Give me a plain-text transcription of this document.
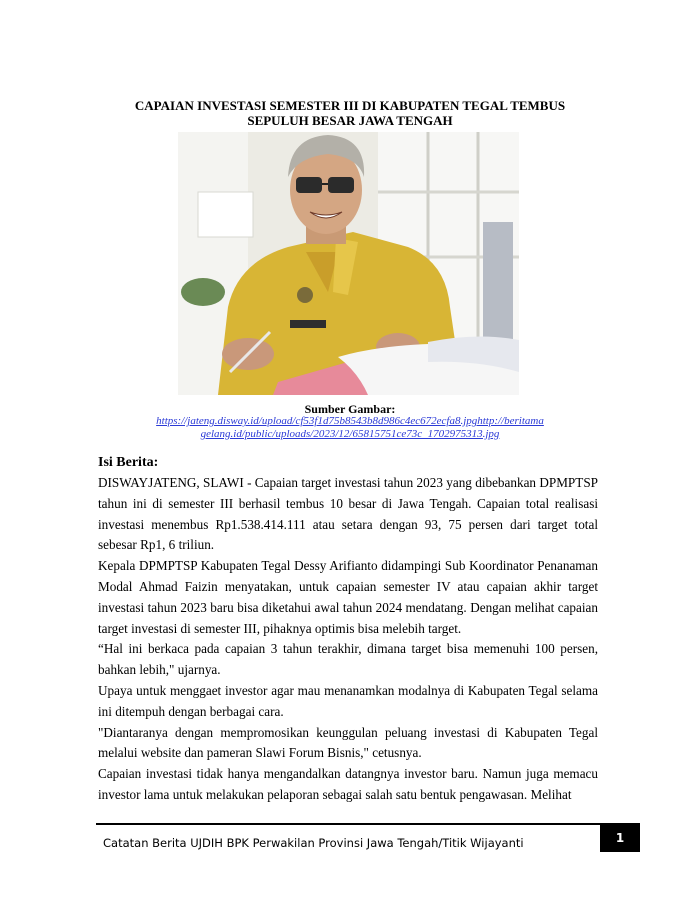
CAPAIAN INVESTASI SEMESTER III DI KABUPATEN TEGAL TEMBUS
SEPULUH BESAR JAWA TENGAH
Sumber Gambar:
https://jateng.disway.id/upload/cf53f1d75b8543b8d986c4ec672ecfa8.jpghttp://beritama
gelang.id/public/uploads/2023/12/65815751ce73c_1702975313.jpg
Isi Berita:

DISWAYJATENG, SLAWI - Capaian target investasi tahun 2023 yang dibebankan DPMPTSP tahun ini di semester III berhasil tembus 10 besar di Jawa Tengah. Capaian total realisasi investasi menembus Rp1.538.414.111 atau setara dengan 93, 75 persen dari target total sebesar Rp1, 6 triliun.

Kepala DPMPTSP Kabupaten Tegal Dessy Arifianto didampingi Sub Koordinator Penanaman Modal Ahmad Faizin menyatakan, untuk capaian semester IV atau capaian akhir target investasi tahun 2023 baru bisa diketahui awal tahun 2024 mendatang. Dengan melihat capaian target investasi di semester III, pihaknya optimis bisa melebih target.

“Hal ini berkaca pada capaian 3 tahun terakhir, dimana target bisa memenuhi 100 persen, bahkan lebih," ujarnya.

Upaya untuk menggaet investor agar mau menanamkan modalnya di Kabupaten Tegal selama ini ditempuh dengan berbagai cara.

"Diantaranya dengan mempromosikan keunggulan peluang investasi di Kabupaten Tegal melalui website dan pameran Slawi Forum Bisnis," cetusnya.

Capaian investasi tidak hanya mengandalkan datangnya investor baru. Namun juga memacu investor lama untuk melakukan pelaporan sebagai salah satu bentuk pengawasan. Melihat

Catatan Berita UJDIH BPK Perwakilan Provinsi Jawa Tengah/Titik Wijayanti	1
